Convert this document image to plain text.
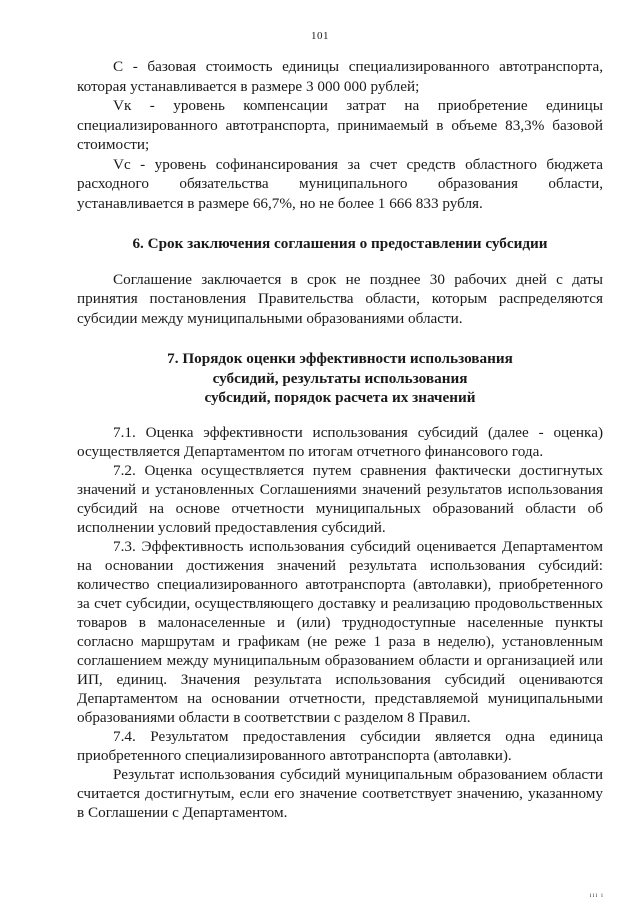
101

С - базовая стоимость единицы специализированного автотранспорта, которая устанавливается в размере 3 000 000 рублей;

Vк - уровень компенсации затрат на приобретение единицы специализированного автотранспорта, принимаемый в объеме 83,3% базовой стоимости;

Vс - уровень софинансирования за счет средств областного бюджета расходного обязательства муниципального образования области, устанавливается в размере 66,7%, но не более 1 666 833 рубля.

6. Срок заключения соглашения о предоставлении субсидии

Соглашение заключается в срок не позднее 30 рабочих дней с даты принятия постановления Правительства области, которым распределяются субсидии между муниципальными образованиями области.

7. Порядок оценки эффективности использования
субсидий, результаты использования
субсидий, порядок расчета их значений

7.1. Оценка эффективности использования субсидий (далее - оценка) осуществляется Департаментом по итогам отчетного финансового года.

7.2. Оценка осуществляется путем сравнения фактически достигнутых значений и установленных Соглашениями значений результатов использования субсидий на основе отчетности муниципальных образований области об исполнении условий предоставления субсидий.

7.3. Эффективность использования субсидий оценивается Департаментом на основании достижения значений результата использования субсидий: количество специализированного автотранспорта (автолавки), приобретенного за счет субсидии, осуществляющего доставку и реализацию продовольственных товаров в малонаселенные и (или) труднодоступные населенные пункты согласно маршрутам и графикам (не реже 1 раза в неделю), установленным соглашением между муниципальным образованием области и организацией или ИП, единиц. Значения результата использования субсидий оцениваются Департаментом на основании отчетности, представляемой муниципальными образованиями области в соответствии с разделом 8 Правил.

7.4. Результатом предоставления субсидии является одна единица приобретенного специализированного автотранспорта (автолавки).

Результат использования субсидий муниципальным образованием области считается достигнутым, если его значение соответствует значению, указанному в Соглашении с Департаментом.

ııı ı
